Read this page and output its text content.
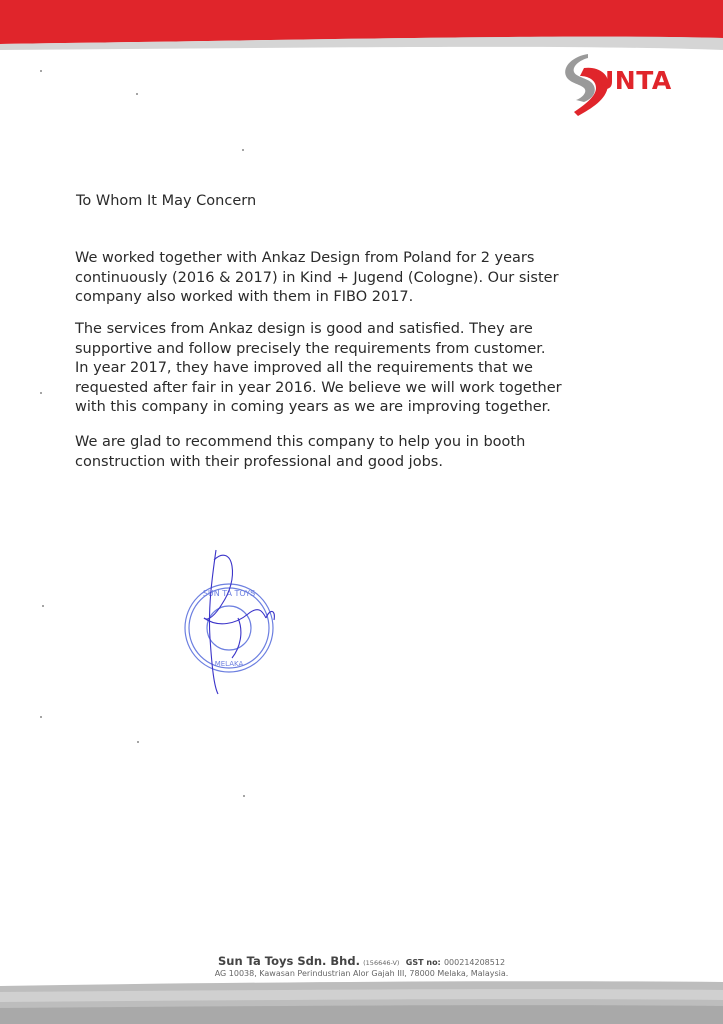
UNTA
To Whom It May Concern
We worked together with Ankaz Design from Poland for 2 years
continuously (2016 & 2017) in Kind + Jugend (Cologne). Our sister
company also worked with them in FIBO 2017.
The services from Ankaz design is good and satisfied. They are
supportive and follow precisely the requirements from customer.
In year 2017, they have improved all the requirements that we
requested after fair in year 2016. We believe we will work together
with this company in coming years as we are improving together.
We are glad to recommend this company to help you in booth
construction with their professional and good jobs.
SUN TA TOYS
MELAKA
Sun Ta Toys Sdn. Bhd. (156646-V) GST no: 000214208512
AG 10038, Kawasan Perindustrian Alor Gajah III, 78000 Melaka, Malaysia.
